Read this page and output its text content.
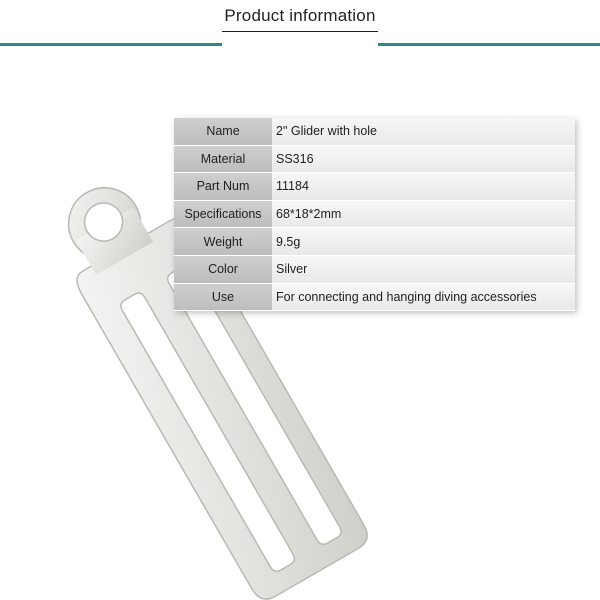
Product information
Name	2" Glider with hole
Material	SS316
Part Num	11184
Specifications	68*18*2mm
Weight	9.5g
Color	Silver
Use	For connecting and hanging diving accessories
